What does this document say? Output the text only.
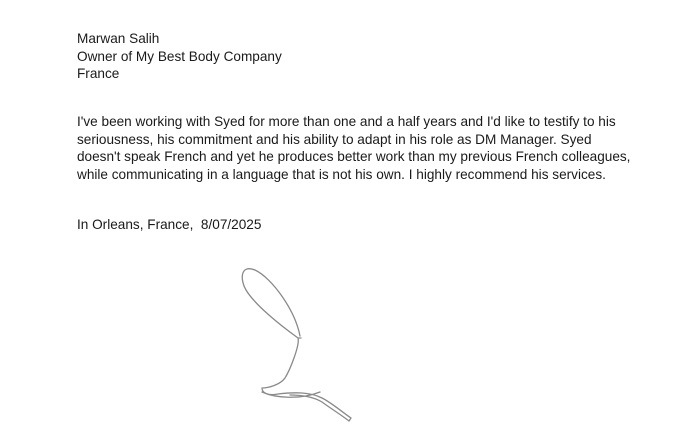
Marwan Salih
Owner of My Best Body Company
France
I've been working with Syed for more than one and a half years and I'd like to testify to his
seriousness, his commitment and his ability to adapt in his role as DM Manager. Syed
doesn't speak French and yet he produces better work than my previous French colleagues,
while communicating in a language that is not his own. I highly recommend his services.
In Orleans, France, 8/07/2025
